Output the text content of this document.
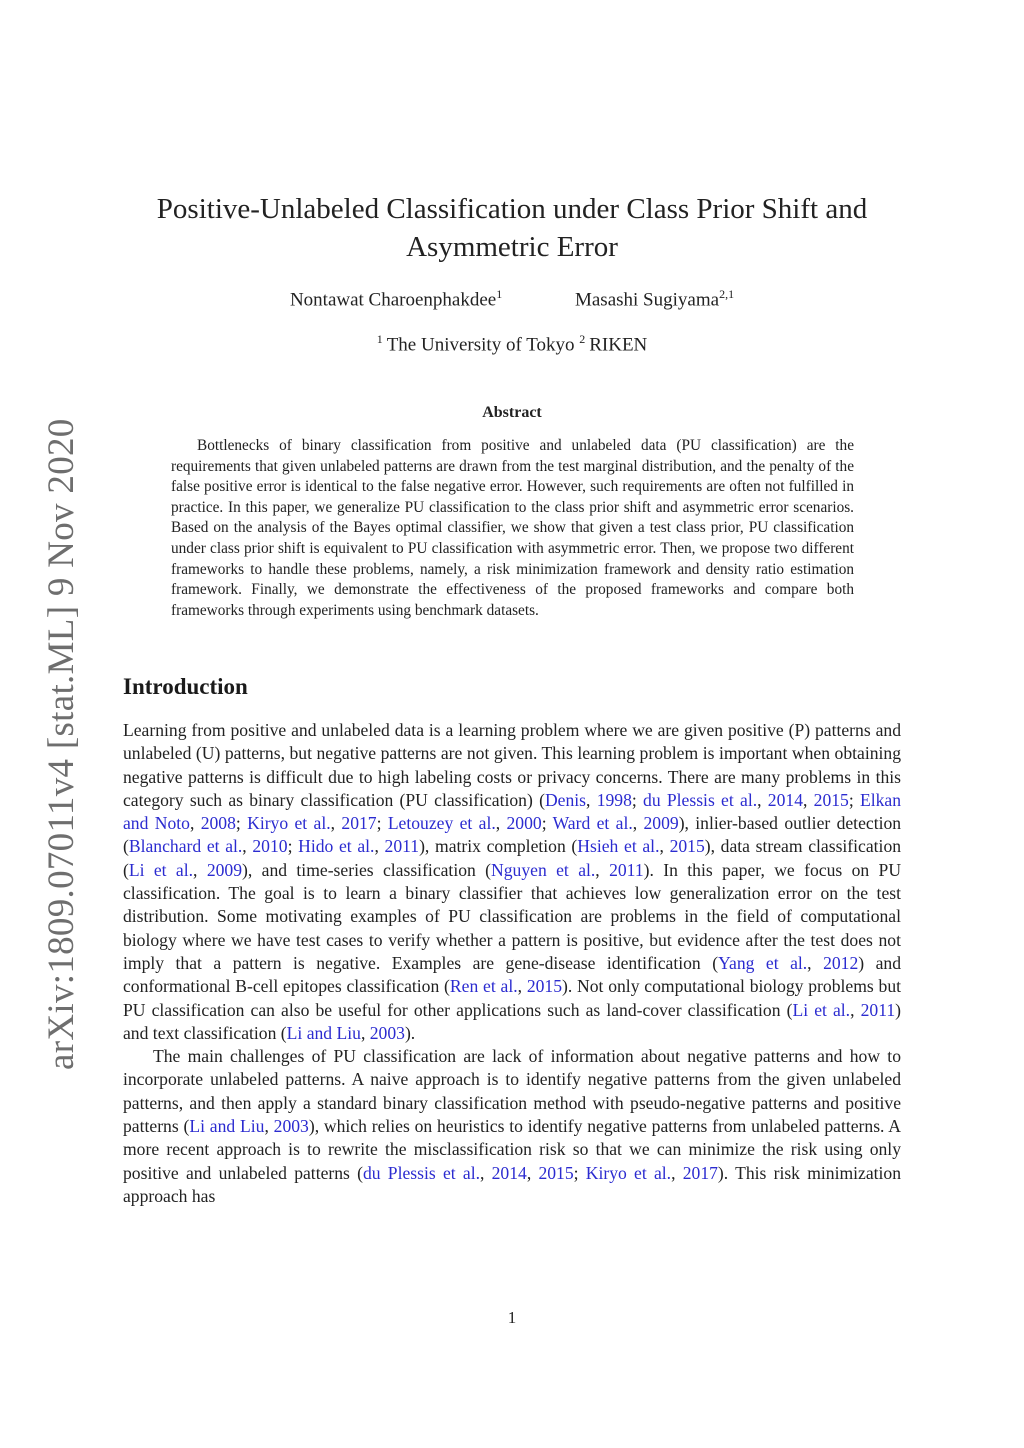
arXiv:1809.07011v4 [stat.ML] 9 Nov 2020
Positive-Unlabeled Classification under Class Prior Shift and
Asymmetric Error
Nontawat Charoenphakdee$^1$	Masashi Sugiyama$^{2,1}$
$^1$ The University of Tokyo $^2$ RIKEN
Abstract

Bottlenecks of binary classification from positive and unlabeled data (PU classification) are the requirements that given unlabeled patterns are drawn from the test marginal distribution, and the penalty of the false positive error is identical to the false negative error. However, such requirements are often not fulfilled in practice. In this paper, we generalize PU classification to the class prior shift and asymmetric error scenarios. Based on the analysis of the Bayes optimal classifier, we show that given a test class prior, PU classification under class prior shift is equivalent to PU classification with asymmetric error. Then, we propose two different frameworks to handle these problems, namely, a risk minimization framework and density ratio estimation framework. Finally, we demonstrate the effectiveness of the proposed frameworks and compare both frameworks through experiments using benchmark datasets.

Introduction

Learning from positive and unlabeled data is a learning problem where we are given positive (P) patterns and unlabeled (U) patterns, but negative patterns are not given. This learning problem is important when obtaining negative patterns is difficult due to high labeling costs or privacy concerns. There are many problems in this category such as binary classification (PU classification) (Denis, 1998; du Plessis et al., 2014, 2015; Elkan and Noto, 2008; Kiryo et al., 2017; Letouzey et al., 2000; Ward et al., 2009), inlier-based outlier detection (Blanchard et al., 2010; Hido et al., 2011), matrix completion (Hsieh et al., 2015), data stream classification (Li et al., 2009), and time-series classification (Nguyen et al., 2011). In this paper, we focus on PU classification. The goal is to learn a binary classifier that achieves low generalization error on the test distribution. Some motivating examples of PU classification are problems in the field of computational biology where we have test cases to verify whether a pattern is positive, but evidence after the test does not imply that a pattern is negative. Examples are gene-disease identification (Yang et al., 2012) and conformational B-cell epitopes classification (Ren et al., 2015). Not only computational biology problems but PU classification can also be useful for other applications such as land-cover classification (Li et al., 2011) and text classification (Li and Liu, 2003).

The main challenges of PU classification are lack of information about negative patterns and how to incorporate unlabeled patterns. A naive approach is to identify negative patterns from the given unlabeled patterns, and then apply a standard binary classification method with pseudo-negative patterns and positive patterns (Li and Liu, 2003), which relies on heuristics to identify negative patterns from unlabeled patterns. A more recent approach is to rewrite the misclassification risk so that we can minimize the risk using only positive and unlabeled patterns (du Plessis et al., 2014, 2015; Kiryo et al., 2017). This risk minimization approach has

1
